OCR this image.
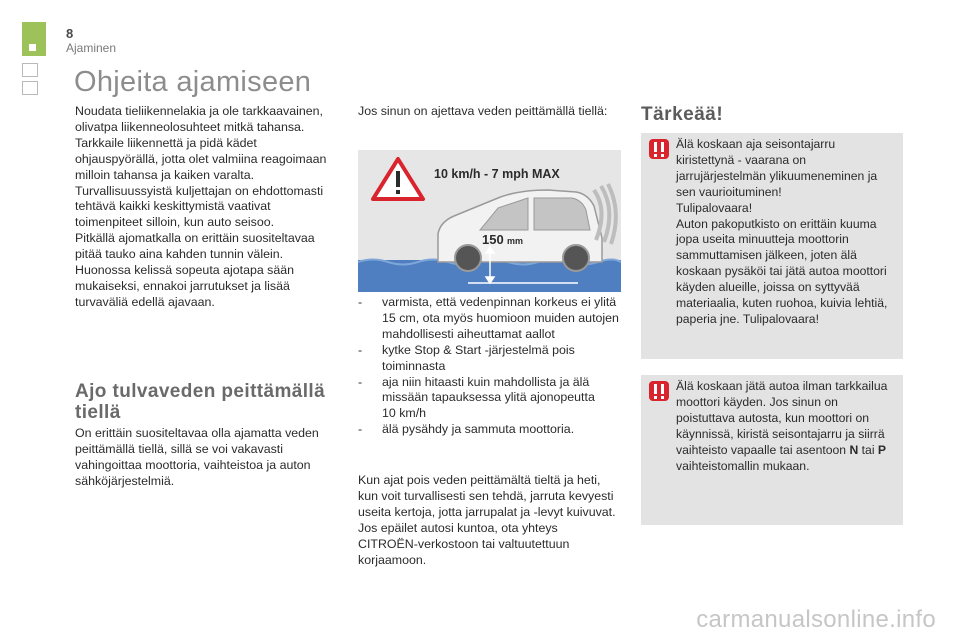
8
Ajaminen
Ohjeita ajamiseen
Noudata tieliikennelakia ja ole tarkkaavainen,
olivatpa liikenneolosuhteet mitkä tahansa.
Tarkkaile liikennettä ja pidä kädet
ohjauspyörällä, jotta olet valmiina reagoimaan
milloin tahansa ja kaiken varalta.
Turvallisuussyistä kuljettajan on ehdottomasti
tehtävä kaikki keskittymistä vaativat
toimenpiteet silloin, kun auto seisoo.
Pitkällä ajomatkalla on erittäin suositeltavaa
pitää tauko aina kahden tunnin välein.
Huonossa kelissä sopeuta ajotapa sään
mukaiseksi, ennakoi jarrutukset ja lisää
turvaväliä edellä ajavaan.
Ajo tulvaveden peittämällä
tiellä
On erittäin suositeltavaa olla ajamatta veden
peittämällä tiellä, sillä se voi vakavasti
vahingoittaa moottoria, vaihteistoa ja auton
sähköjärjestelmiä.
Jos sinun on ajettava veden peittämällä tiellä:
10 km/h - 7 mph MAX
150 mm
- varmista, että vedenpinnan korkeus ei ylitä
15 cm, ota myös huomioon muiden autojen
mahdollisesti aiheuttamat aallot
- kytke Stop & Start -järjestelmä pois
toiminnasta
- aja niin hitaasti kuin mahdollista ja älä
missään tapauksessa ylitä ajonopeutta
10 km/h
- älä pysähdy ja sammuta moottoria.
Kun ajat pois veden peittämältä tieltä ja heti,
kun voit turvallisesti sen tehdä, jarruta kevyesti
useita kertoja, jotta jarrupalat ja -levyt kuivuvat.
Jos epäilet autosi kuntoa, ota yhteys
CITROËN-verkostoon tai valtuutettuun
korjaamoon.
Tärkeää!
Älä koskaan aja seisontajarru
kiristettynä - vaarana on
jarrujärjestelmän ylikuumeneminen ja
sen vaurioituminen!
Tulipalovaara!
Auton pakoputkisto on erittäin kuuma
jopa useita minuutteja moottorin
sammuttamisen jälkeen, joten älä
koskaan pysäköi tai jätä autoa moottori
käyden alueille, joissa on syttyvää
materiaalia, kuten ruohoa, kuivia lehtiä,
paperia jne. Tulipalovaara!
Älä koskaan jätä autoa ilman tarkkailua
moottori käyden. Jos sinun on
poistuttava autosta, kun moottori on
käynnissä, kiristä seisontajarru ja siirrä
vaihteisto vapaalle tai asentoon N tai P
vaihteistomallin mukaan.
carmanualsonline.info
